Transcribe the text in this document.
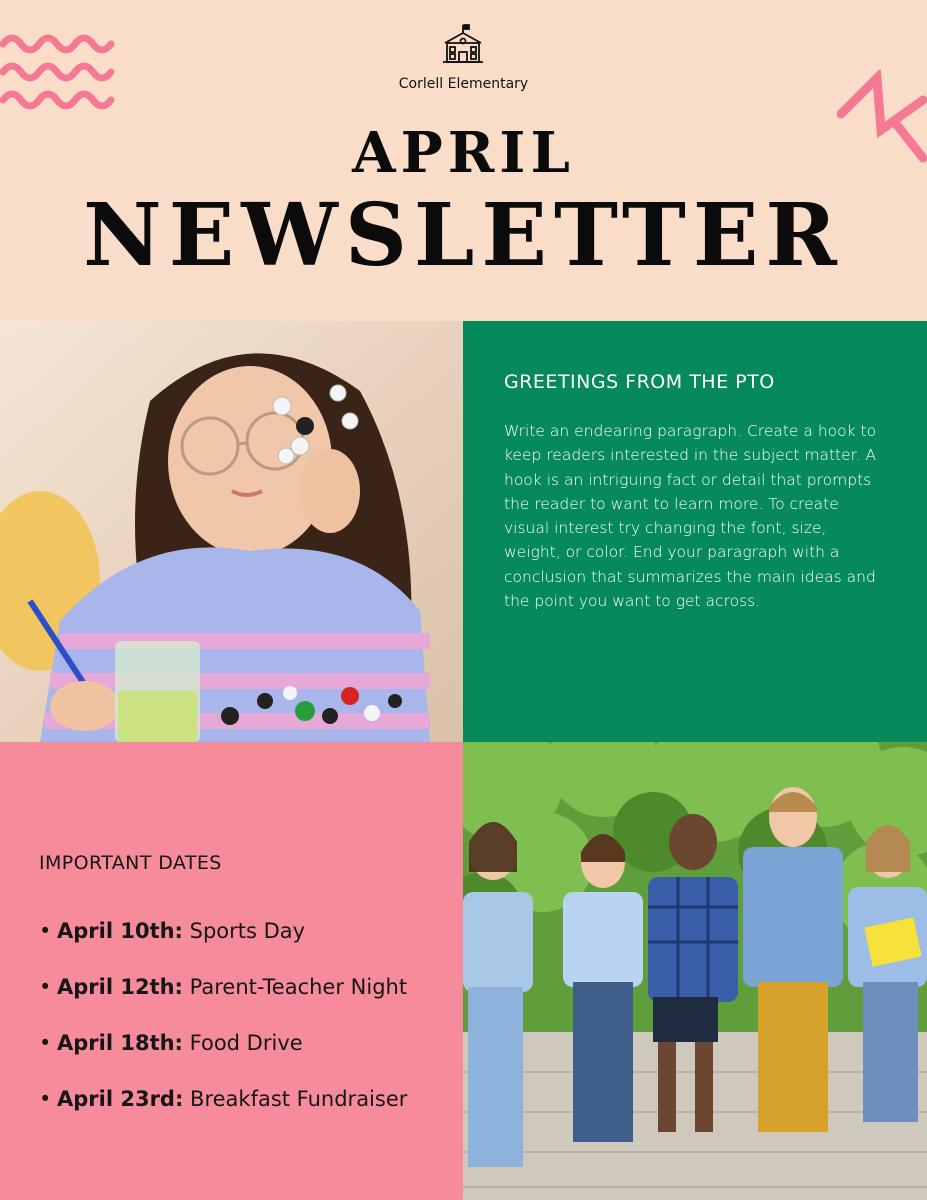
Corlell Elementary
APRIL
NEWSLETTER
GREETINGS FROM THE PTO

Write an endearing paragraph. Create a hook to keep readers interested in the subject matter. A hook is an intriguing fact or detail that prompts the reader to want to learn more. To create visual interest try changing the font, size, weight, or color. End your paragraph with a conclusion that summarizes the main ideas and the point you want to get across.

IMPORTANT DATES
• April 10th: Sports Day
• April 12th: Parent-Teacher Night
• April 18th: Food Drive
• April 23rd: Breakfast Fundraiser
